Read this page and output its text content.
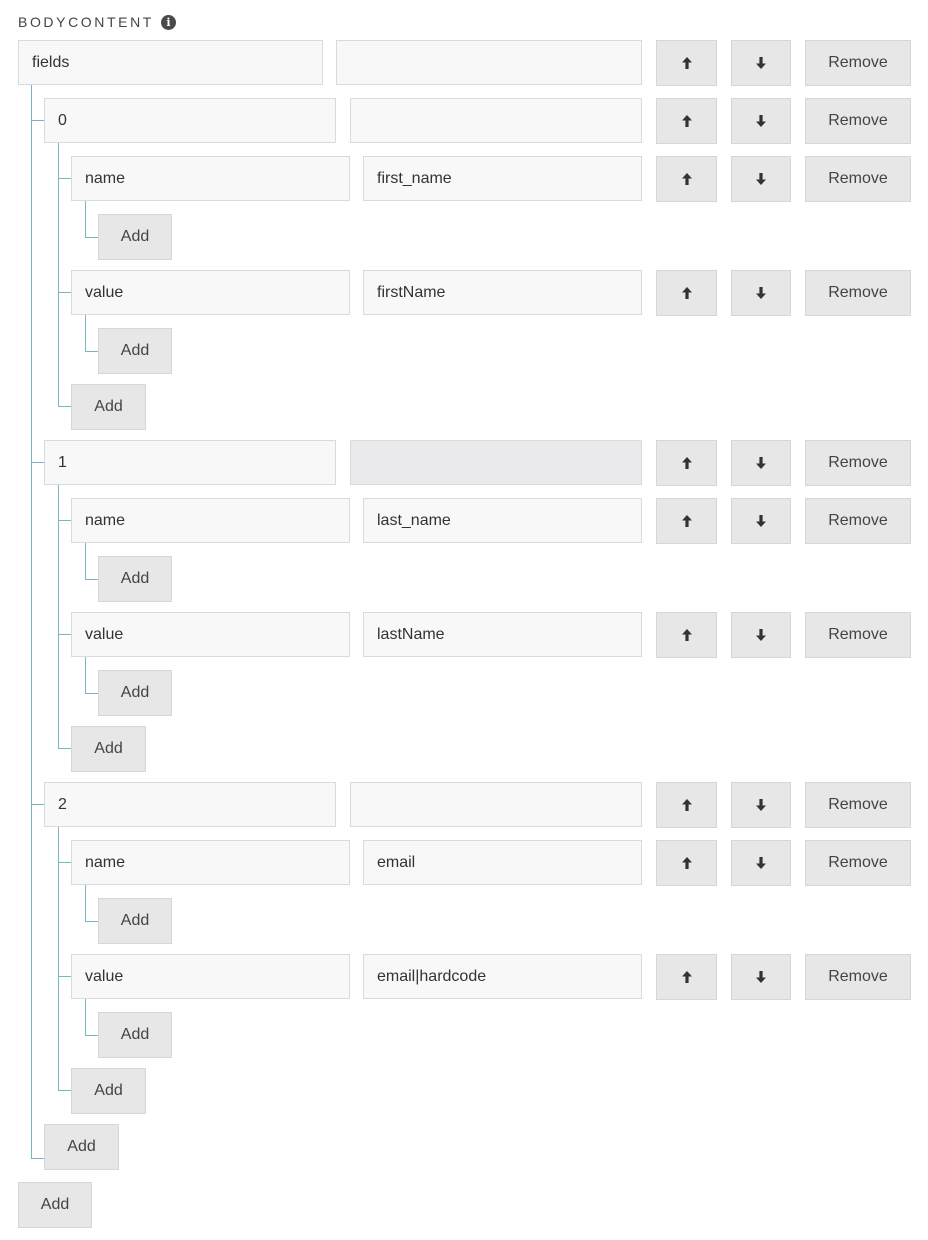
BODYCONTENT	i
fields	Remove
0	Remove
name	first_name	Remove
Add
value	firstName	Remove
Add
Add
1	Remove
name	last_name	Remove
Add
value	lastName	Remove
Add
Add
2	Remove
name	email	Remove
Add
value	email|hardcode	Remove
Add
Add
Add
Add
